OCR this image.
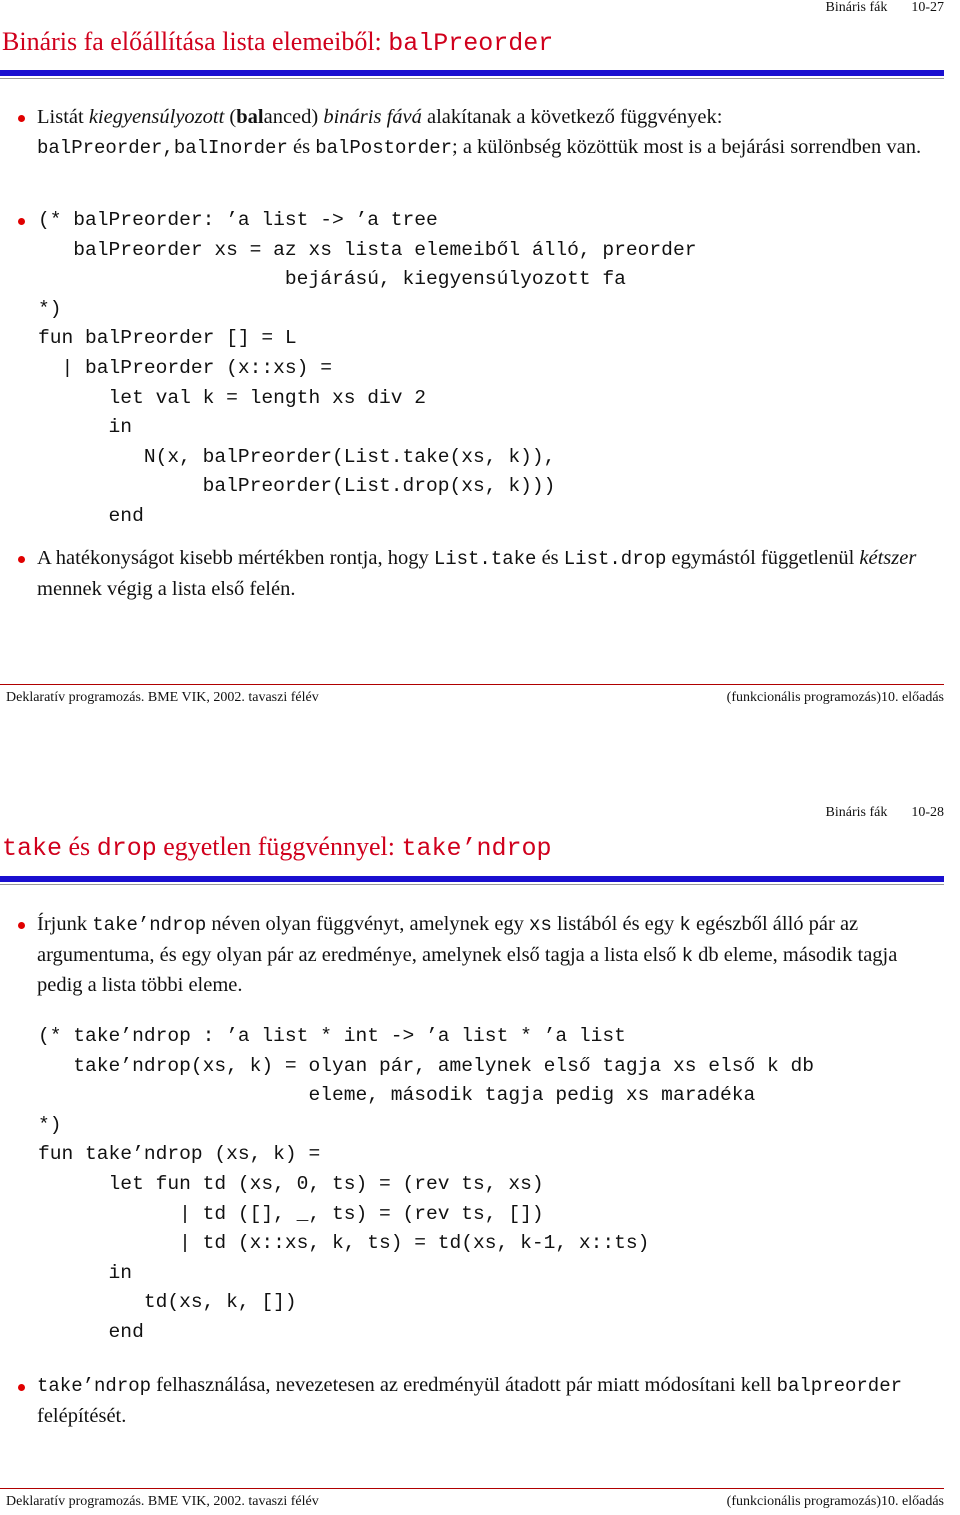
Bináris fák 10-27
Bináris fa előállítása lista elemeiből: balPreorder
Listát kiegyensúlyozott (balanced) bináris fává alakítanak a következő függvények:
balPreorder,balInorder és balPostorder; a különbség közöttük most is a bejárási sorrendben van.
(* balPreorder: ’a list -> ’a tree
balPreorder xs = az xs lista elemeiből álló, preorder
bejárású, kiegyensúlyozott fa
*)
fun balPreorder [] = L
| balPreorder (x::xs) =
let val k = length xs div 2
in
N(x, balPreorder(List.take(xs, k)),
balPreorder(List.drop(xs, k)))
end
A hatékonyságot kisebb mértékben rontja, hogy List.take és List.drop egymástól függetlenül kétszer mennek végig a lista első felén.
Deklaratív programozás. BME VIK, 2002. tavaszi félév	(funkcionális programozás)10. előadás
Bináris fák 10-28
take és drop egyetlen függvénnyel: take’ndrop
Írjunk take’ndrop néven olyan függvényt, amelynek egy xs listából és egy k egészből álló pár az argumentuma, és egy olyan pár az eredménye, amelynek első tagja a lista első k db eleme, második tagja pedig a lista többi eleme.
(* take’ndrop : ’a list * int -> ’a list * ’a list
take’ndrop(xs, k) = olyan pár, amelynek első tagja xs első k db
eleme, második tagja pedig xs maradéka
*)
fun take’ndrop (xs, k) =
let fun td (xs, 0, ts) = (rev ts, xs)
| td ([], _, ts) = (rev ts, [])
| td (x::xs, k, ts) = td(xs, k-1, x::ts)
in
td(xs, k, [])
end
take’ndrop felhasználása, nevezetesen az eredményül átadott pár miatt módosítani kell balpreorder felépítését.
Deklaratív programozás. BME VIK, 2002. tavaszi félév	(funkcionális programozás)10. előadás
